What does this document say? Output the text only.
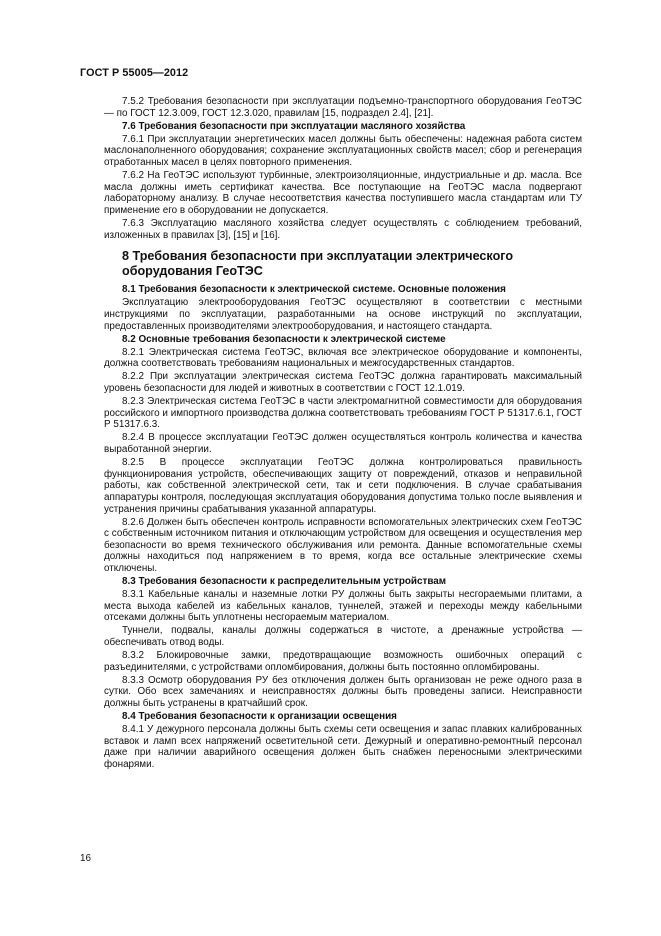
ГОСТ Р 55005—2012

7.5.2 Требования безопасности при эксплуатации подъемно-транспортного оборудования ГеоТЭС — по ГОСТ 12.3.009, ГОСТ 12.3.020, правилам [15, подраздел 2.4], [21].

7.6 Требования безопасности при эксплуатации масляного хозяйства

7.6.1 При эксплуатации энергетических масел должны быть обеспечены: надежная работа систем маслонаполненного оборудования; сохранение эксплуатационных свойств масел; сбор и регенерация отработанных масел в целях повторного применения.

7.6.2 На ГеоТЭС используют турбинные, электроизоляционные, индустриальные и др. масла. Все масла должны иметь сертификат качества. Все поступающие на ГеоТЭС масла подвергают лабораторному анализу. В случае несоответствия качества поступившего масла стандартам или ТУ применение его в оборудовании не допускается.

7.6.3 Эксплуатацию масляного хозяйства следует осуществлять с соблюдением требований, изложенных в правилах [3], [15] и [16].

8 Требования безопасности при эксплуатации электрического оборудования ГеоТЭС

8.1 Требования безопасности к электрической системе. Основные положения

Эксплуатацию электрооборудования ГеоТЭС осуществляют в соответствии с местными инструкциями по эксплуатации, разработанными на основе инструкций по эксплуатации, предоставленных производителями электрооборудования, и настоящего стандарта.

8.2 Основные требования безопасности к электрической системе

8.2.1 Электрическая система ГеоТЭС, включая все электрическое оборудование и компоненты, должна соответствовать требованиям национальных и межгосударственных стандартов.

8.2.2 При эксплуатации электрическая система ГеоТЭС должна гарантировать максимальный уровень безопасности для людей и животных в соответствии с ГОСТ 12.1.019.

8.2.3 Электрическая система ГеоТЭС в части электромагнитной совместимости для оборудования российского и импортного производства должна соответствовать требованиям ГОСТ Р 51317.6.1, ГОСТ Р 51317.6.3.

8.2.4 В процессе эксплуатации ГеоТЭС должен осуществляться контроль количества и качества выработанной энергии.

8.2.5 В процессе эксплуатации ГеоТЭС должна контролироваться правильность функционирования устройств, обеспечивающих защиту от повреждений, отказов и неправильной работы, как собственной электрической сети, так и сети подключения. В случае срабатывания аппаратуры контроля, последующая эксплуатация оборудования допустима только после выявления и устранения причины срабатывания указанной аппаратуры.

8.2.6 Должен быть обеспечен контроль исправности вспомогательных электрических схем ГеоТЭС с собственным источником питания и отключающим устройством для освещения и осуществления мер безопасности во время технического обслуживания или ремонта. Данные вспомогательные схемы должны находиться под напряжением в то время, когда все остальные электрические схемы отключены.

8.3 Требования безопасности к распределительным устройствам

8.3.1 Кабельные каналы и наземные лотки РУ должны быть закрыты несгораемыми плитами, а места выхода кабелей из кабельных каналов, туннелей, этажей и переходы между кабельными отсеками должны быть уплотнены несгораемым материалом.

Туннели, подвалы, каналы должны содержаться в чистоте, а дренажные устройства — обеспечивать отвод воды.

8.3.2 Блокировочные замки, предотвращающие возможность ошибочных операций с разъединителями, с устройствами опломбирования, должны быть постоянно опломбированы.

8.3.3 Осмотр оборудования РУ без отключения должен быть организован не реже одного раза в сутки. Обо всех замечаниях и неисправностях должны быть проведены записи. Неисправности должны быть устранены в кратчайший срок.

8.4 Требования безопасности к организации освещения

8.4.1 У дежурного персонала должны быть схемы сети освещения и запас плавких калиброванных вставок и ламп всех напряжений осветительной сети. Дежурный и оперативно-ремонтный персонал даже при наличии аварийного освещения должен быть снабжен переносными электрическими фонарями.

16
